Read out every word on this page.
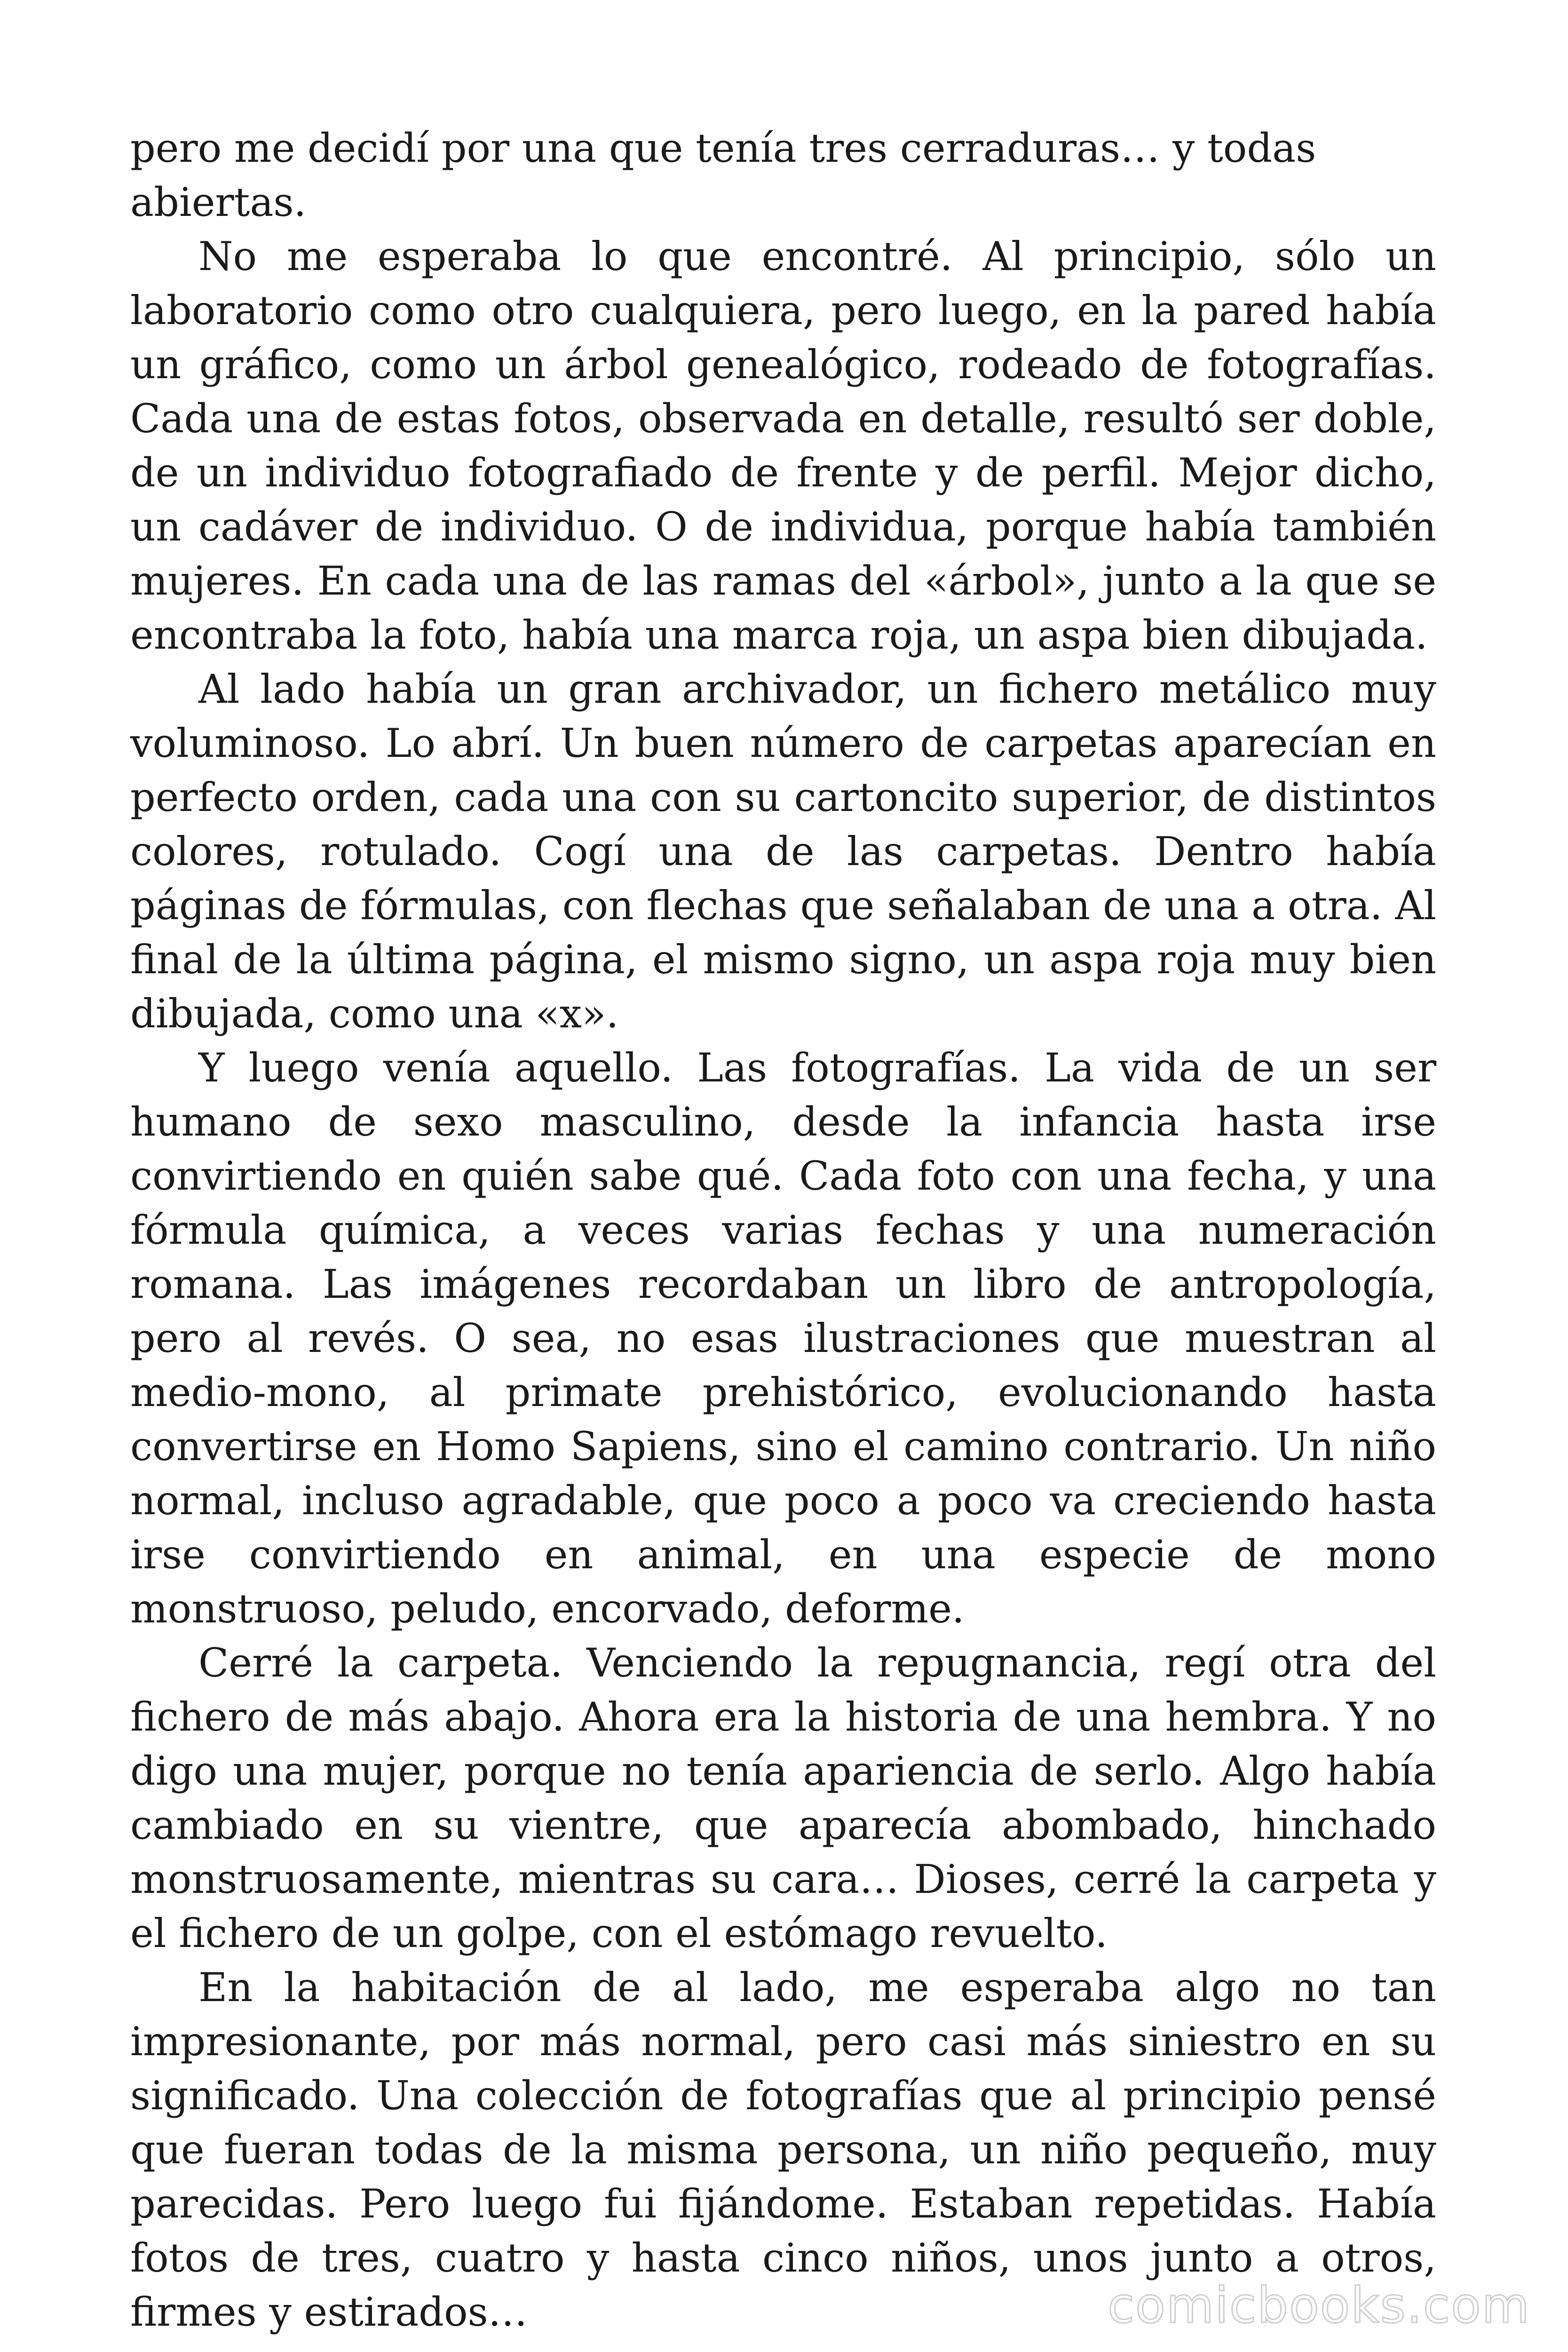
pero me decidí por una que tenía tres cerraduras… y todas abiertas.

No me esperaba lo que encontré. Al principio, sólo un laboratorio como otro cualquiera, pero luego, en la pared había un gráfico, como un árbol genealógico, rodeado de fotografías. Cada una de estas fotos, observada en detalle, resultó ser doble, de un individuo fotografiado de frente y de perfil. Mejor dicho, un cadáver de individuo. O de individua, porque había también mujeres. En cada una de las ramas del «árbol», junto a la que se encontraba la foto, había una marca roja, un aspa bien dibujada.

Al lado había un gran archivador, un fichero metálico muy voluminoso. Lo abrí. Un buen número de carpetas aparecían en perfecto orden, cada una con su cartoncito superior, de distintos colores, rotulado. Cogí una de las carpetas. Dentro había páginas de fórmulas, con flechas que señalaban de una a otra. Al final de la última página, el mismo signo, un aspa roja muy bien dibujada, como una «x».

Y luego venía aquello. Las fotografías. La vida de un ser humano de sexo masculino, desde la infancia hasta irse convirtiendo en quién sabe qué. Cada foto con una fecha, y una fórmula química, a veces varias fechas y una numeración romana. Las imágenes recordaban un libro de antropología, pero al revés. O sea, no esas ilustraciones que muestran al medio-mono, al primate prehistórico, evolucionando hasta convertirse en Homo Sapiens, sino el camino contrario. Un niño normal, incluso agradable, que poco a poco va creciendo hasta irse convirtiendo en animal, en una especie de mono monstruoso, peludo, encorvado, deforme.

Cerré la carpeta. Venciendo la repugnancia, regí otra del fichero de más abajo. Ahora era la historia de una hembra. Y no digo una mujer, porque no tenía apariencia de serlo. Algo había cambiado en su vientre, que aparecía abombado, hinchado monstruosamente, mientras su cara… Dioses, cerré la carpeta y el fichero de un golpe, con el estómago revuelto.

En la habitación de al lado, me esperaba algo no tan impresionante, por más normal, pero casi más siniestro en su significado. Una colección de fotografías que al principio pensé que fueran todas de la misma persona, un niño pequeño, muy parecidas. Pero luego fui fijándome. Estaban repetidas. Había fotos de tres, cuatro y hasta cinco niños, unos junto a otros, firmes y estirados…	comicbooks.com
